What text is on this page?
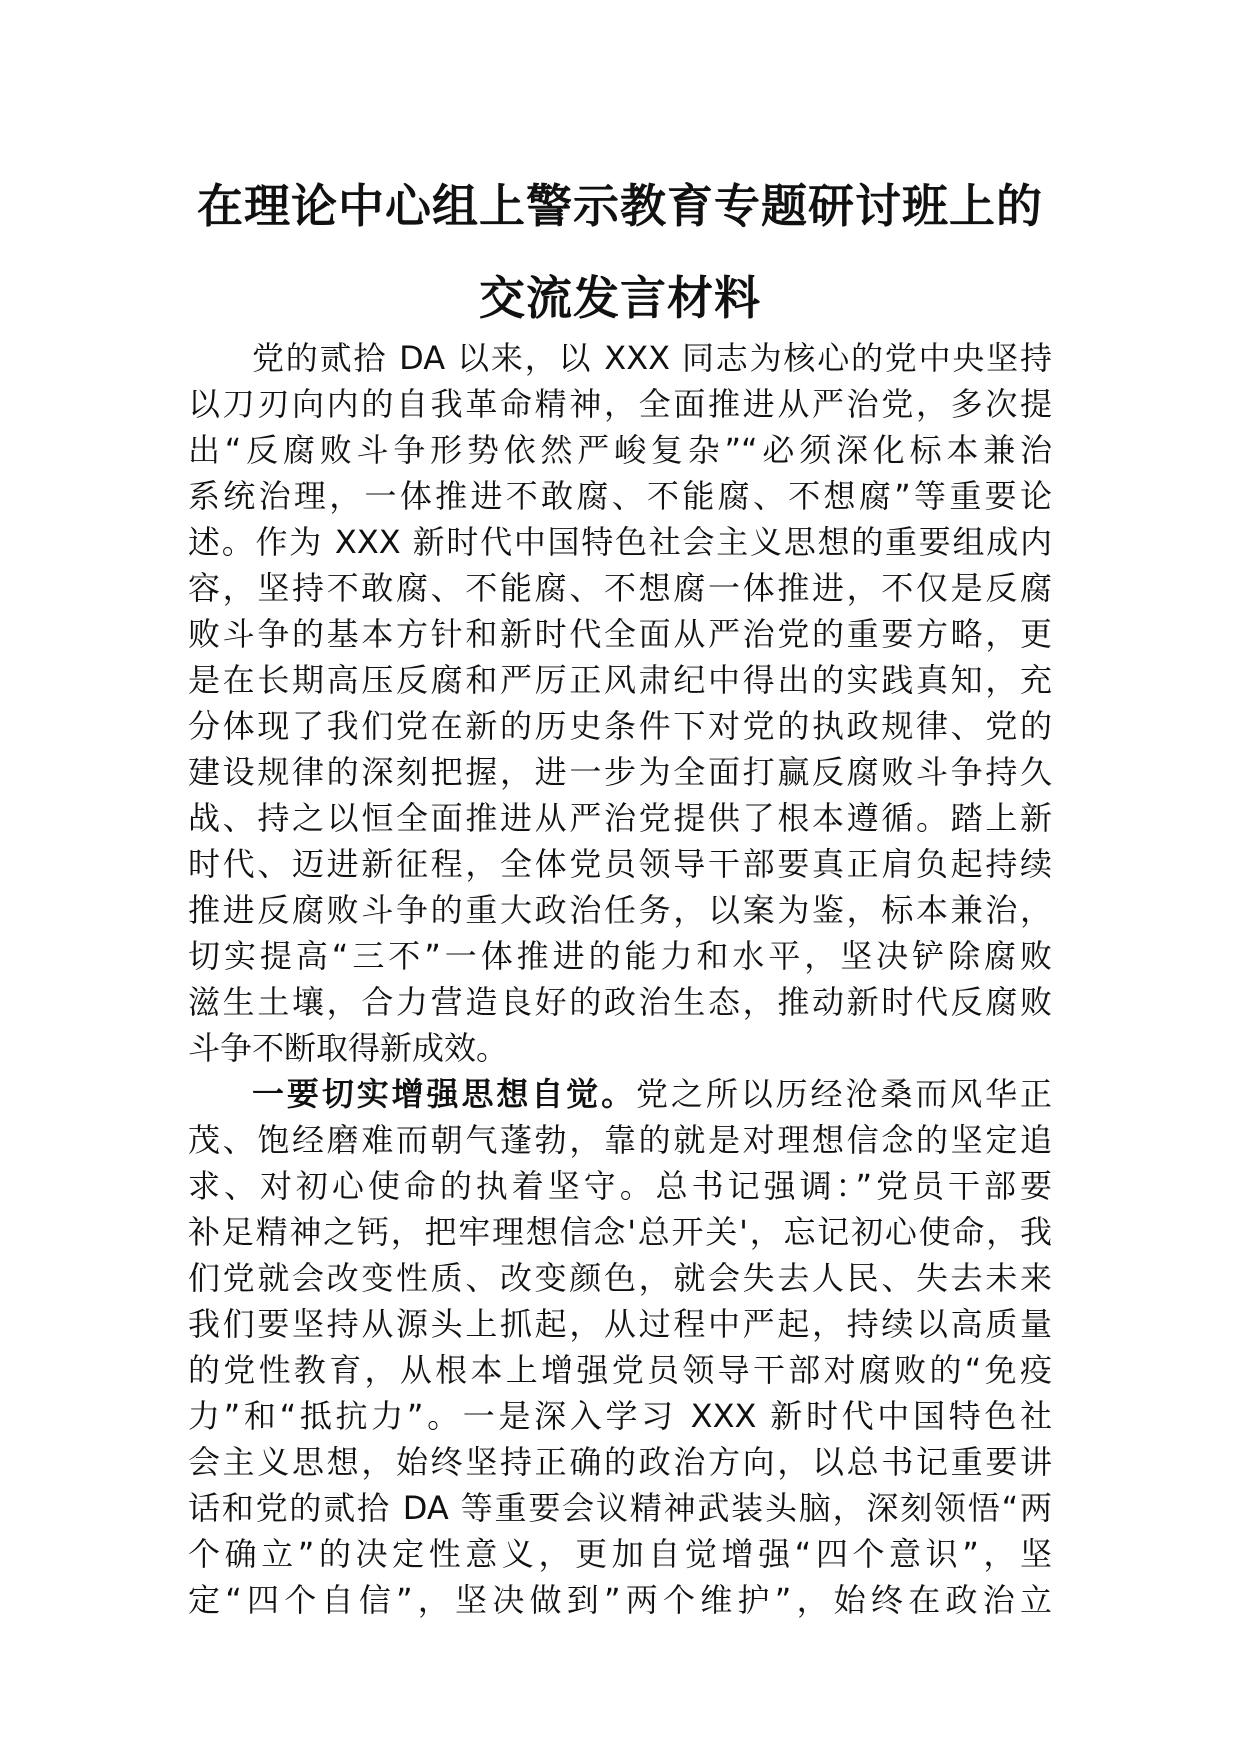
在理论中心组上警示教育专题研讨班上的
交流发言材料
党的贰拾 DA 以来，以 XXX 同志为核心的党中央坚持
以刀刃向内的自我革命精神，全面推进从严治党，多次提
出“反腐败斗争形势依然严峻复杂”“必须深化标本兼治
系统治理，一体推进不敢腐、不能腐、不想腐”等重要论
述。作为 XXX 新时代中国特色社会主义思想的重要组成内
容，坚持不敢腐、不能腐、不想腐一体推进，不仅是反腐
败斗争的基本方针和新时代全面从严治党的重要方略，更
是在长期高压反腐和严厉正风肃纪中得出的实践真知，充
分体现了我们党在新的历史条件下对党的执政规律、党的
建设规律的深刻把握，进一步为全面打赢反腐败斗争持久
战、持之以恒全面推进从严治党提供了根本遵循。踏上新
时代、迈进新征程，全体党员领导干部要真正肩负起持续
推进反腐败斗争的重大政治任务，以案为鉴，标本兼治，
切实提高“三不”一体推进的能力和水平，坚决铲除腐败
滋生土壤，合力营造良好的政治生态，推动新时代反腐败
斗争不断取得新成效。
一要切实增强思想自觉。党之所以历经沧桑而风华正
茂、饱经磨难而朝气蓬勃，靠的就是对理想信念的坚定追
求、对初心使命的执着坚守。总书记强调：”党员干部要
补足精神之钙，把牢理想信念'总开关'，忘记初心使命，我
们党就会改变性质、改变颜色，就会失去人民、失去未来
我们要坚持从源头上抓起，从过程中严起，持续以高质量
的党性教育，从根本上增强党员领导干部对腐败的“免疫
力”和“抵抗力”。一是深入学习 XXX 新时代中国特色社
会主义思想，始终坚持正确的政治方向，以总书记重要讲
话和党的贰拾 DA 等重要会议精神武装头脑，深刻领悟“两
个确立”的决定性意义，更加自觉增强“四个意识”，坚
定“四个自信”，坚决做到”两个维护”，始终在政治立
